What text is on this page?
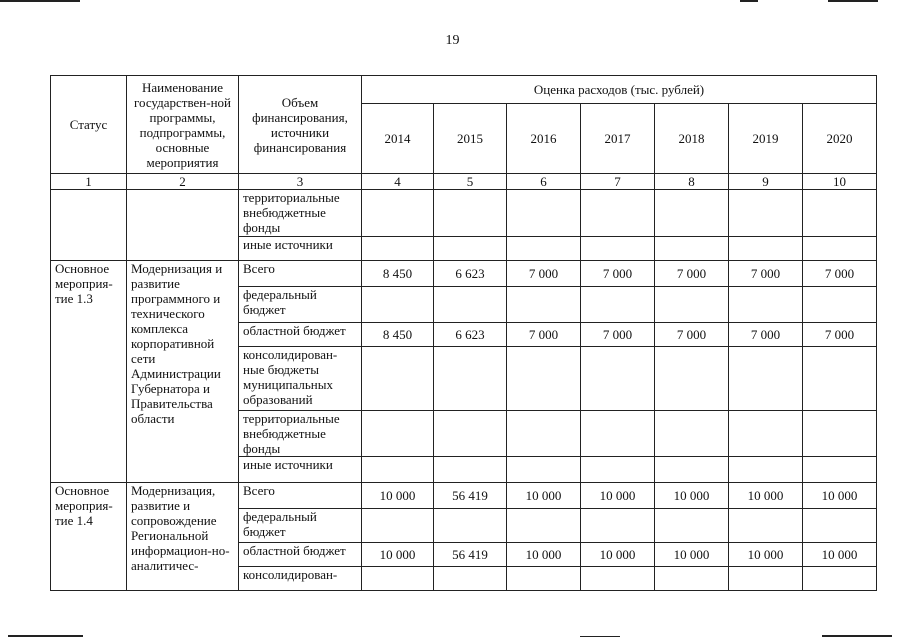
19
Статус	Наименование государствен-ной программы, подпрограммы, основные мероприятия	Объем финансирования, источники финансирования	Оценка расходов (тыс. рублей)						
			2014	2015	2016	2017	2018	2019	2020
1	2	3	4	5	6	7	8	9	10
		территориальные внебюджетные фонды							
		иные источники							
Основное мероприя-тие 1.3	Модернизация и развитие программного и технического комплекса корпоративной сети Администрации Губернатора и Правительства области	Всего	8 450	6 623	7 000	7 000	7 000	7 000	7 000
		федеральный бюджет							
		областной бюджет	8 450	6 623	7 000	7 000	7 000	7 000	7 000
		консолидирован-ные бюджеты муниципальных образований							
		территориальные внебюджетные фонды							
		иные источники							
Основное мероприя-тие 1.4	Модернизация, развитие и сопровождение Региональной информацион-но-аналитичес-	Всего	10 000	56 419	10 000	10 000	10 000	10 000	10 000
		федеральный бюджет							
		областной бюджет	10 000	56 419	10 000	10 000	10 000	10 000	10 000
		консолидирован-							
